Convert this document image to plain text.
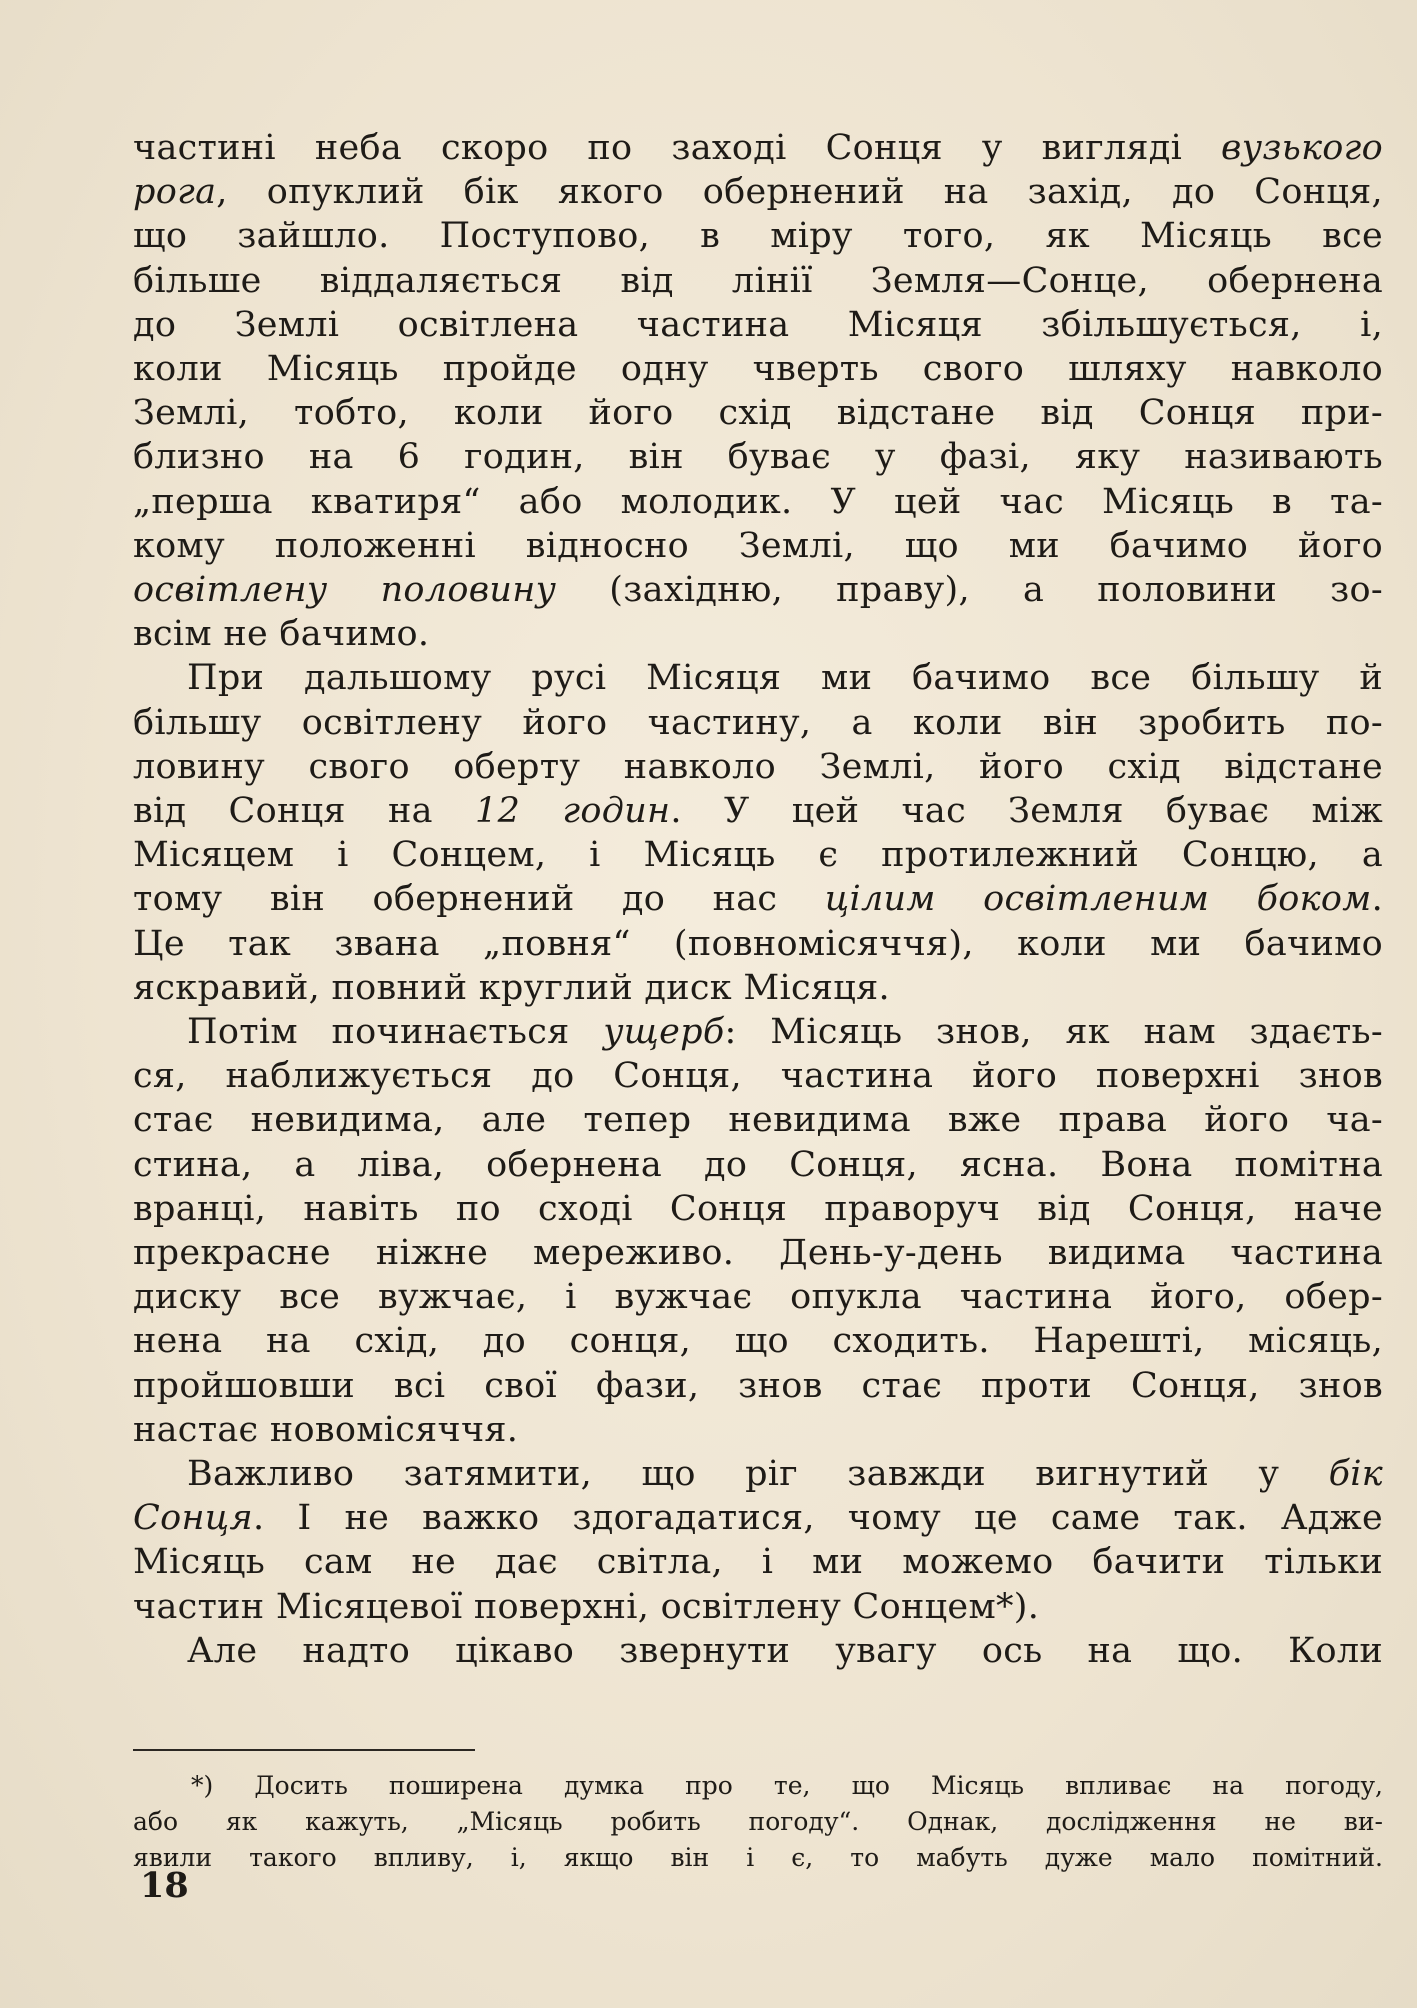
частині неба скоро по заході Сонця у вигляді вузького
рога, опуклий бік якого обернений на захід, до Сонця,
що зайшло. Поступово, в міру того, як Місяць все
більше віддаляється від лінії Земля—Сонце, обернена
до Землі освітлена частина Місяця збільшується, і,
коли Місяць пройде одну чверть свого шляху навколо
Землі, тобто, коли його схід відстане від Сонця при-
близно на 6 годин, він буває у фазі, яку називають
„перша кватиря“ або молодик. У цей час Місяць в та-
кому положенні відносно Землі, що ми бачимо його
освітлену половину (західню, праву), а половини зо-
всім не бачимо.
При дальшому русі Місяця ми бачимо все більшу й
більшу освітлену його частину, а коли він зробить по-
ловину свого оберту навколо Землі, його схід відстане
від Сонця на 12 годин. У цей час Земля буває між
Місяцем і Сонцем, і Місяць є протилежний Сонцю, а
тому він обернений до нас цілим освітленим боком.
Це так звана „повня“ (повномісяччя), коли ми бачимо
яскравий, повний круглий диск Місяця.
Потім починається ущерб: Місяць знов, як нам здаєть-
ся, наближується до Сонця, частина його поверхні знов
стає невидима, але тепер невидима вже права його ча-
стина, а ліва, обернена до Сонця, ясна. Вона помітна
вранці, навіть по сході Сонця праворуч від Сонця, наче
прекрасне ніжне мереживо. День-у-день видима частина
диску все вужчає, і вужчає опукла частина його, обер-
нена на схід, до сонця, що сходить. Нарешті, місяць,
пройшовши всі свої фази, знов стає проти Сонця, знов
настає новомісяччя.
Важливо затямити, що ріг завжди вигнутий у бік
Сонця. І не важко здогадатися, чому це саме так. Адже
Місяць сам не дає світла, і ми можемо бачити тільки
частин Місяцевої поверхні, освітлену Сонцем*).
Але надто цікаво звернути увагу ось на що. Коли
*) Досить поширена думка про те, що Місяць впливає на погоду,
або як кажуть, „Місяць робить погоду“. Однак, дослідження не ви-
явили такого впливу, і, якщо він і є, то мабуть дуже мало помітний.
18
